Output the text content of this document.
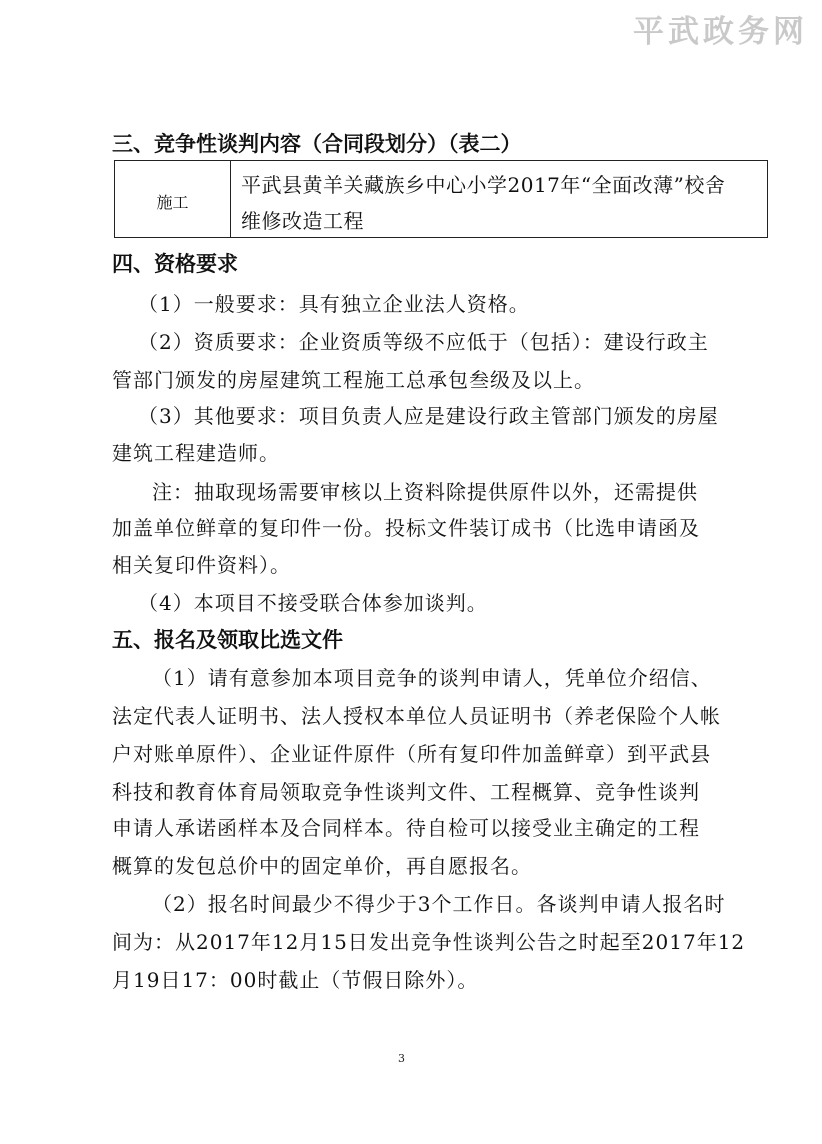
平武政务网
三、竞争性谈判内容（合同段划分）（表二）
施工
平武县黄羊关藏族乡中心小学2017年“全面改薄”校舍
维修改造工程
四、资格要求
（1）一般要求：具有独立企业法人资格。
（2）资质要求：企业资质等级不应低于（包括）：建设行政主
管部门颁发的房屋建筑工程施工总承包叁级及以上。
（3）其他要求：项目负责人应是建设行政主管部门颁发的房屋
建筑工程建造师。
注：抽取现场需要审核以上资料除提供原件以外，还需提供
加盖单位鲜章的复印件一份。投标文件装订成书（比选申请函及
相关复印件资料）。
（4）本项目不接受联合体参加谈判。
五、报名及领取比选文件
（1）请有意参加本项目竞争的谈判申请人，凭单位介绍信、
法定代表人证明书、法人授权本单位人员证明书（养老保险个人帐
户对账单原件）、企业证件原件（所有复印件加盖鲜章）到平武县
科技和教育体育局领取竞争性谈判文件、工程概算、竞争性谈判
申请人承诺函样本及合同样本。待自检可以接受业主确定的工程
概算的发包总价中的固定单价，再自愿报名。
（2）报名时间最少不得少于3个工作日。各谈判申请人报名时
间为：从2017年12月15日发出竞争性谈判公告之时起至2017年12
月19日17：00时截止（节假日除外）。
3
